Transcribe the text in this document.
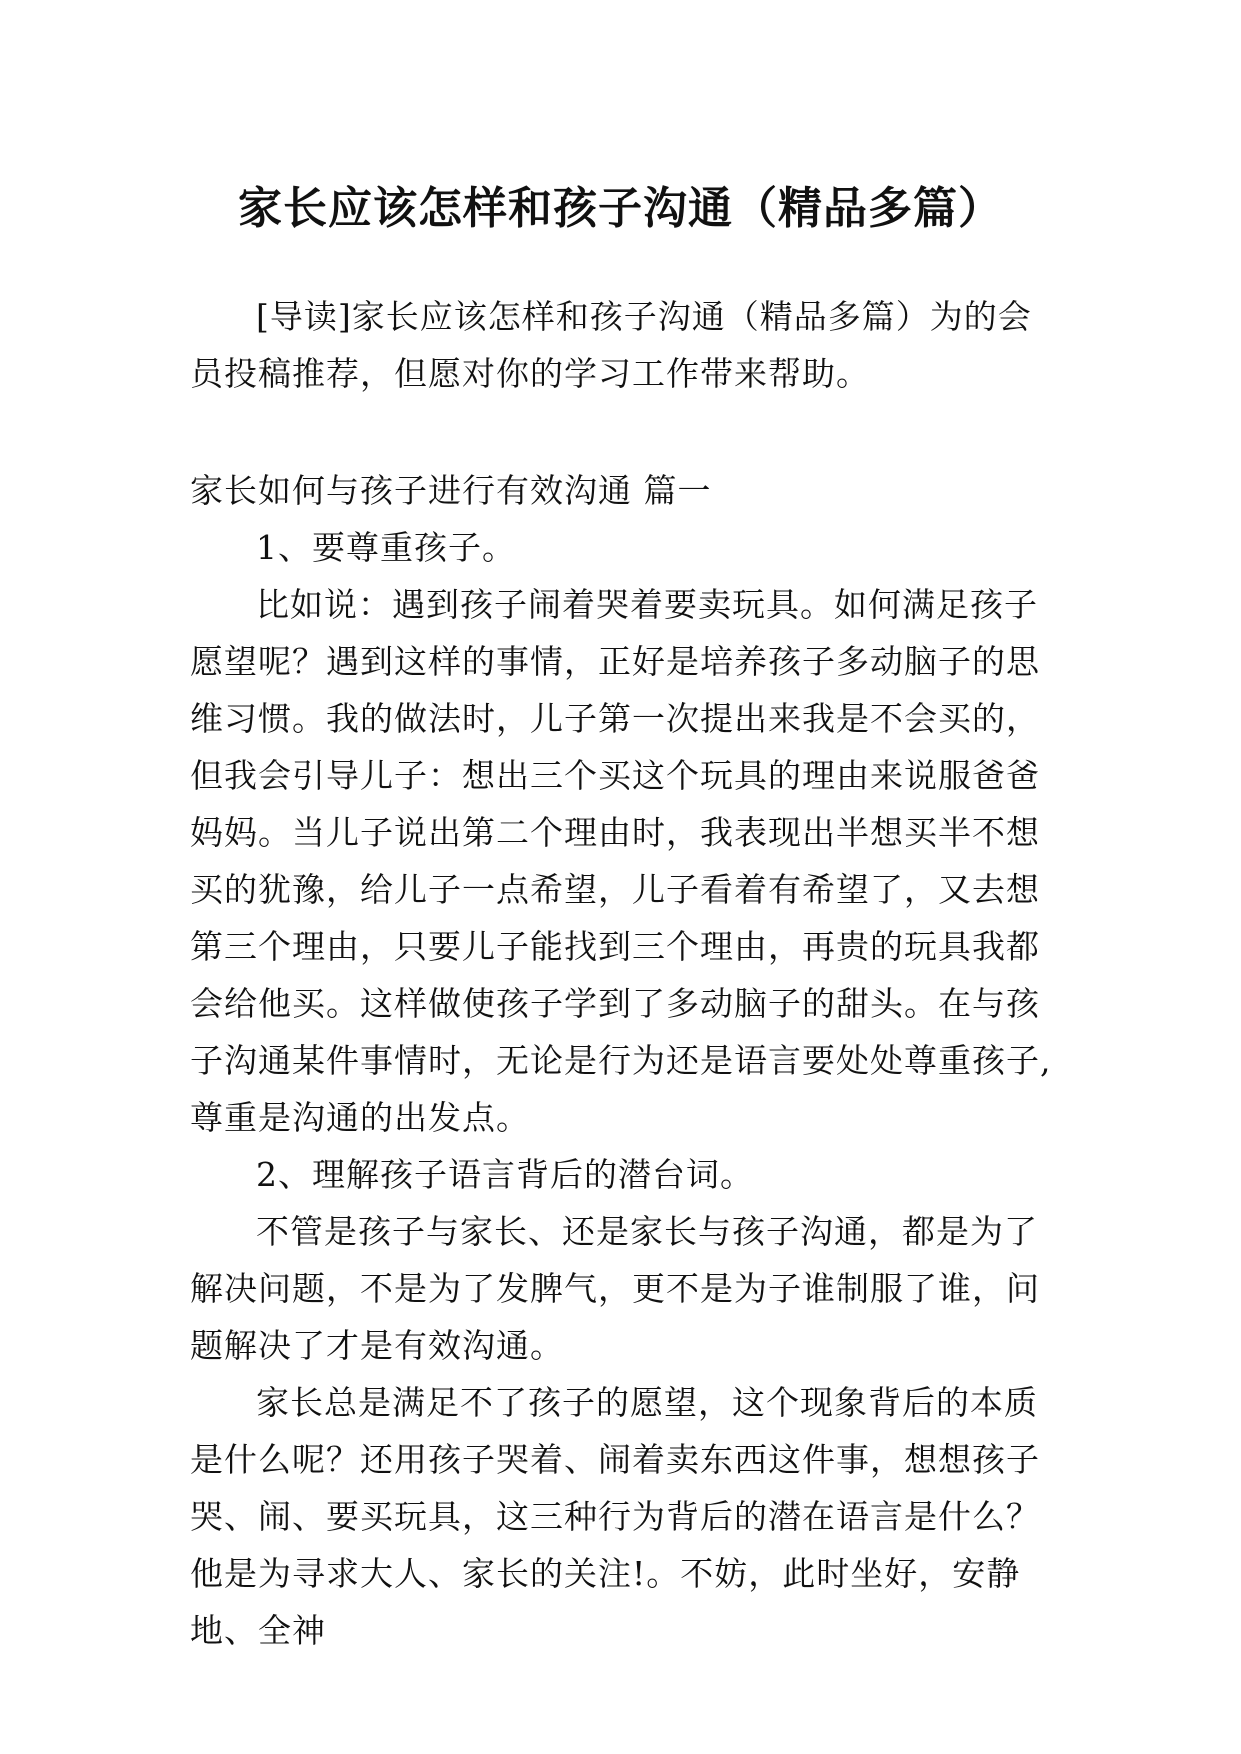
家长应该怎样和孩子沟通（精品多篇）

[导读]家长应该怎样和孩子沟通（精品多篇）为的会员投稿推荐，但愿对你的学习工作带来帮助。

家长如何与孩子进行有效沟通 篇一

1、要尊重孩子。

比如说：遇到孩子闹着哭着要卖玩具。如何满足孩子愿望呢？遇到这样的事情，正好是培养孩子多动脑子的思维习惯。我的做法时，儿子第一次提出来我是不会买的，但我会引导儿子：想出三个买这个玩具的理由来说服爸爸妈妈。当儿子说出第二个理由时，我表现出半想买半不想买的犹豫，给儿子一点希望，儿子看着有希望了，又去想第三个理由，只要儿子能找到三个理由，再贵的玩具我都会给他买。这样做使孩子学到了多动脑子的甜头。在与孩子沟通某件事情时，无论是行为还是语言要处处尊重孩子,尊重是沟通的出发点。

2、理解孩子语言背后的潜台词。

不管是孩子与家长、还是家长与孩子沟通，都是为了解决问题，不是为了发脾气，更不是为子谁制服了谁，问题解决了才是有效沟通。

家长总是满足不了孩子的愿望，这个现象背后的本质是什么呢？还用孩子哭着、闹着卖东西这件事，想想孩子哭、闹、要买玩具，这三种行为背后的潜在语言是什么？他是为寻求大人、家长的关注!。不妨，此时坐好，安静地、全神
